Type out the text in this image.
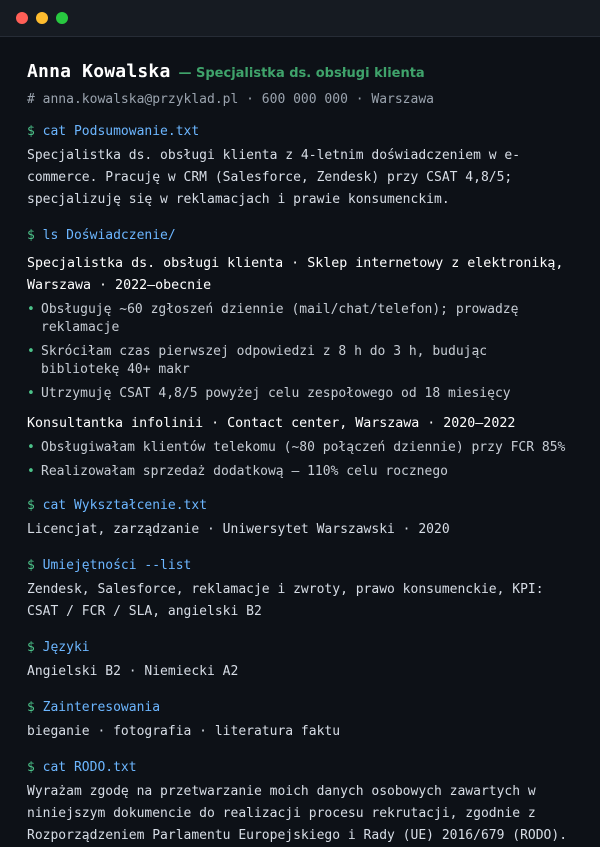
Anna Kowalska — Specjalistka ds. obsługi klienta
# anna.kowalska@przyklad.pl · 600 000 000 · Warszawa
$ cat Podsumowanie.txt
Specjalistka ds. obsługi klienta z 4-letnim doświadczeniem w e-commerce. Pracuję w CRM (Salesforce, Zendesk) przy CSAT 4,8/5; specjalizuję się w reklamacjach i prawie konsumenckim.
$ ls Doświadczenie/
Specjalistka ds. obsługi klienta · Sklep internetowy z elektroniką, Warszawa · 2022–obecnie
• Obsługuję ~60 zgłoszeń dziennie (mail/chat/telefon); prowadzę reklamacje
• Skróciłam czas pierwszej odpowiedzi z 8 h do 3 h, budując bibliotekę 40+ makr
• Utrzymuję CSAT 4,8/5 powyżej celu zespołowego od 18 miesięcy
Konsultantka infolinii · Contact center, Warszawa · 2020–2022
• Obsługiwałam klientów telekomu (~80 połączeń dziennie) przy FCR 85%
• Realizowałam sprzedaż dodatkową — 110% celu rocznego
$ cat Wykształcenie.txt
Licencjat, zarządzanie · Uniwersytet Warszawski · 2020
$ Umiejętności --list
Zendesk, Salesforce, reklamacje i zwroty, prawo konsumenckie, KPI: CSAT / FCR / SLA, angielski B2
$ Języki
Angielski B2 · Niemiecki A2
$ Zainteresowania
bieganie · fotografia · literatura faktu
$ cat RODO.txt
Wyrażam zgodę na przetwarzanie moich danych osobowych zawartych w niniejszym dokumencie do realizacji procesu rekrutacji, zgodnie z Rozporządzeniem Parlamentu Europejskiego i Rady (UE) 2016/679 (RODO).
